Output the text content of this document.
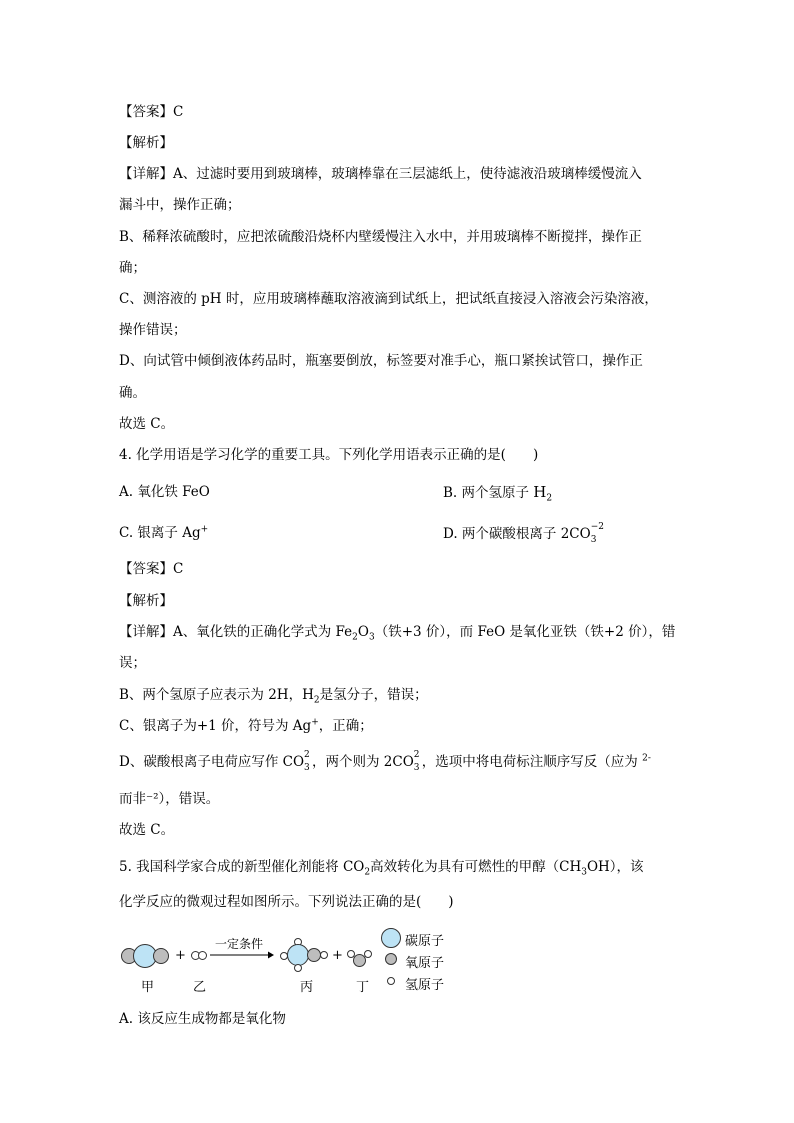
【答案】C
【解析】
【详解】A、过滤时要用到玻璃棒，玻璃棒靠在三层滤纸上，使待滤液沿玻璃棒缓慢流入
漏斗中，操作正确；
B、稀释浓硫酸时，应把浓硫酸沿烧杯内壁缓慢注入水中，并用玻璃棒不断搅拌，操作正
确；
C、测溶液的 pH 时，应用玻璃棒蘸取溶液滴到试纸上，把试纸直接浸入溶液会污染溶液，
操作错误；
D、向试管中倾倒液体药品时，瓶塞要倒放，标签要对准手心，瓶口紧挨试管口，操作正
确。
故选 C。
4. 化学用语是学习化学的重要工具。下列化学用语表示正确的是(　　)
A. 氧化铁 FeO	B. 两个氢原子 $H_2$
C. 银离子 Ag+	D. 两个碳酸根离子 2CO 3
−2
【答案】C
【解析】
【详解】A、氧化铁的正确化学式为 $Fe_2O_3$（铁+3 价），而 FeO 是氧化亚铁（铁+2 价），错
误；
B、两个氢原子应表示为 2H，$H_2$是氢分子，错误；
C、银离子为+1 价，符号为 Ag+，正确；
D、碳酸根离子电荷应写作 CO 2
3 ，两个则为 2CO 2
3 ，选项中将电荷标注顺序写反（应为 $^{2-}$
而非⁻²），错误。
故选 C。
5. 我国科学家合成的新型催化剂能将 $CO_2$高效转化为具有可燃性的甲醇$(CH_3OH)$，该
化学反应的微观过程如图所示。下列说法正确的是(　　)
甲
+
乙
一定条件
丙
+
丁
碳原子
氧原子
氢原子
A. 该反应生成物都是氧化物
